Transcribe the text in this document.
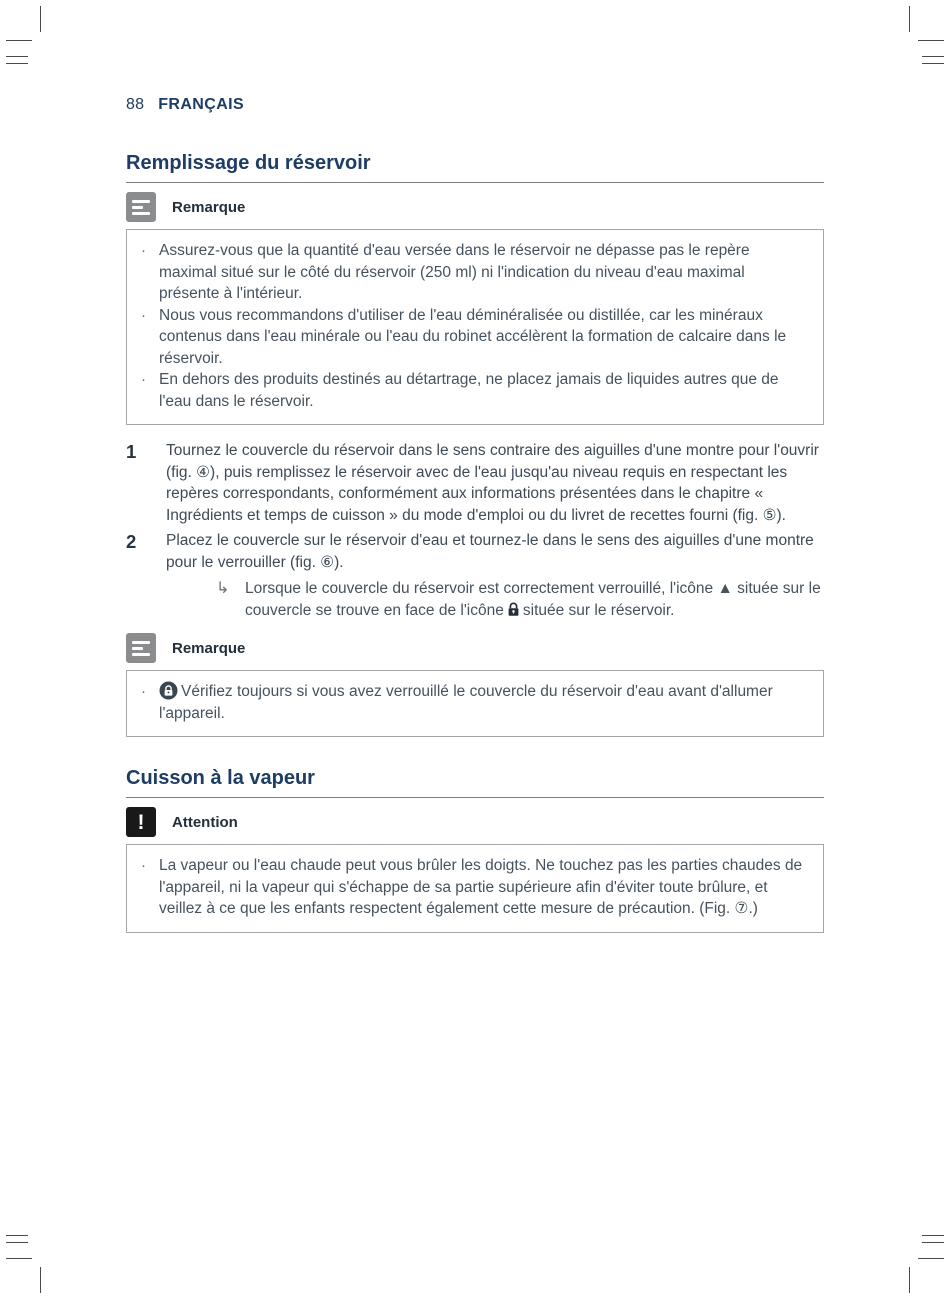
88 FRANÇAIS
Remplissage du réservoir
Remarque
· Assurez-vous que la quantité d'eau versée dans le réservoir ne dépasse pas le repère maximal situé sur le côté du réservoir (250 ml) ni l'indication du niveau d'eau maximal présente à l'intérieur.
· Nous vous recommandons d'utiliser de l'eau déminéralisée ou distillée, car les minéraux contenus dans l'eau minérale ou l'eau du robinet accélèrent la formation de calcaire dans le réservoir.
· En dehors des produits destinés au détartrage, ne placez jamais de liquides autres que de l'eau dans le réservoir.
1	Tournez le couvercle du réservoir dans le sens contraire des aiguilles d'une montre pour l'ouvrir (fig. ④), puis remplissez le réservoir avec de l'eau jusqu'au niveau requis en respectant les repères correspondants, conformément aux informations présentées dans le chapitre « Ingrédients et temps de cuisson » du mode d'emploi ou du livret de recettes fourni (fig. ⑤).

2	Placez le couvercle sur le réservoir d'eau et tournez-le dans le sens des aiguilles d'une montre pour le verrouiller (fig. ⑥).

↳	Lorsque le couvercle du réservoir est correctement verrouillé, l'icône ▲ située sur le couvercle se trouve en face de l'icône située sur le réservoir.

Remarque
·	Vérifiez toujours si vous avez verrouillé le couvercle du réservoir d'eau avant d'allumer l'appareil.
Cuisson à la vapeur
!	Attention
· La vapeur ou l'eau chaude peut vous brûler les doigts. Ne touchez pas les parties chaudes de l'appareil, ni la vapeur qui s'échappe de sa partie supérieure afin d'éviter toute brûlure, et veillez à ce que les enfants respectent également cette mesure de précaution. (Fig. ⑦.)
